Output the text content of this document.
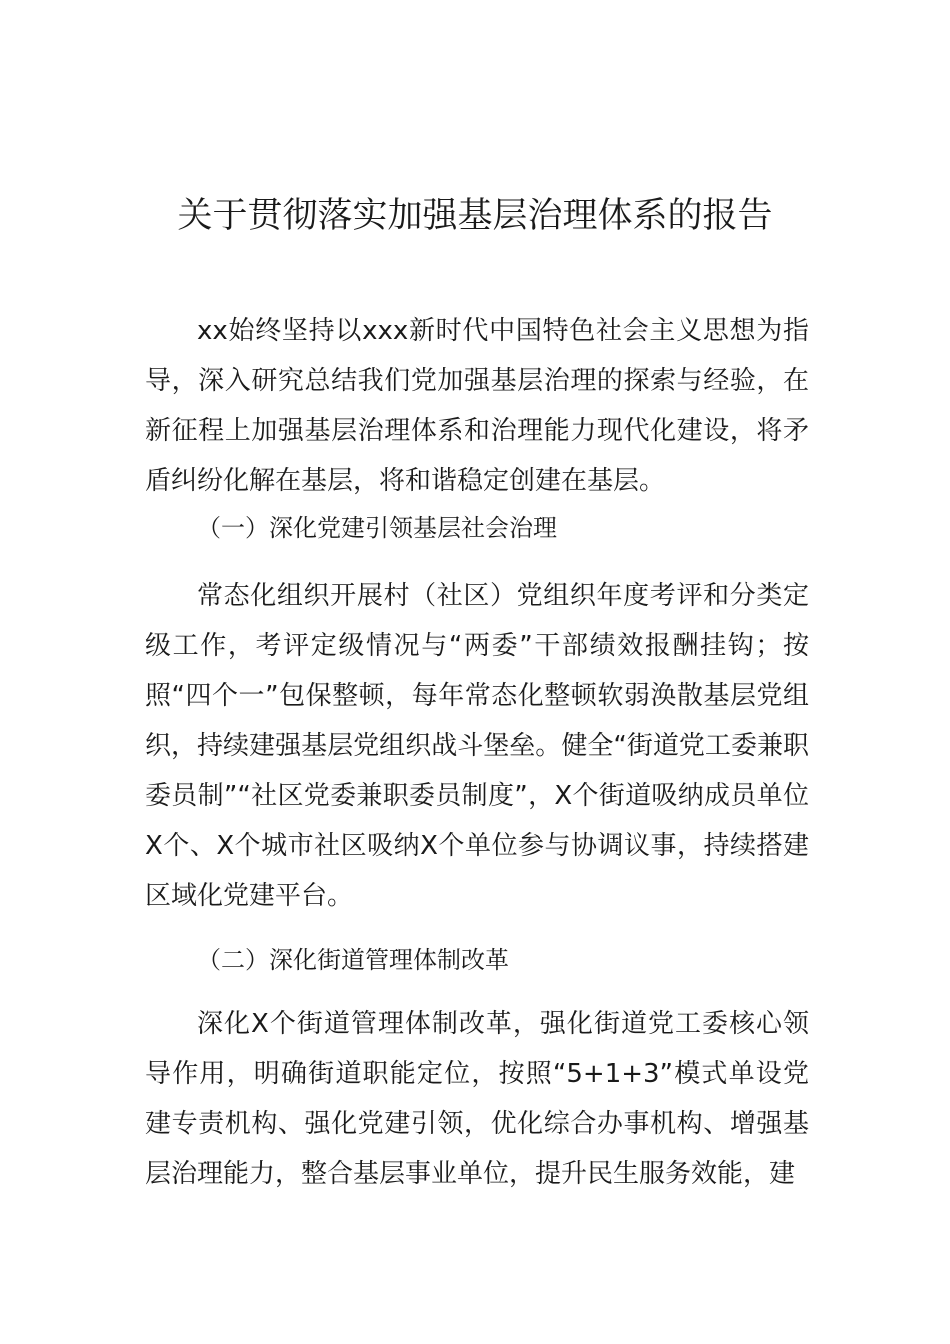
关于贯彻落实加强基层治理体系的报告

xx始终坚持以xxx新时代中国特色社会主义思想为指导，深入研究总结我们党加强基层治理的探索与经验，在新征程上加强基层治理体系和治理能力现代化建设，将矛盾纠纷化解在基层，将和谐稳定创建在基层。

（一）深化党建引领基层社会治理

常态化组织开展村（社区）党组织年度考评和分类定级工作，考评定级情况与“两委”干部绩效报酬挂钩；按照“四个一”包保整顿，每年常态化整顿软弱涣散基层党组织，持续建强基层党组织战斗堡垒。健全“街道党工委兼职委员制”“社区党委兼职委员制度”，X个街道吸纳成员单位X个、X个城市社区吸纳X个单位参与协调议事，持续搭建区域化党建平台。

（二）深化街道管理体制改革

深化X个街道管理体制改革，强化街道党工委核心领导作用，明确街道职能定位，按照“5+1+3”模式单设党建专责机构、强化党建引领，优化综合办事机构、增强基层治理能力，整合基层事业单位，提升民生服务效能，建
